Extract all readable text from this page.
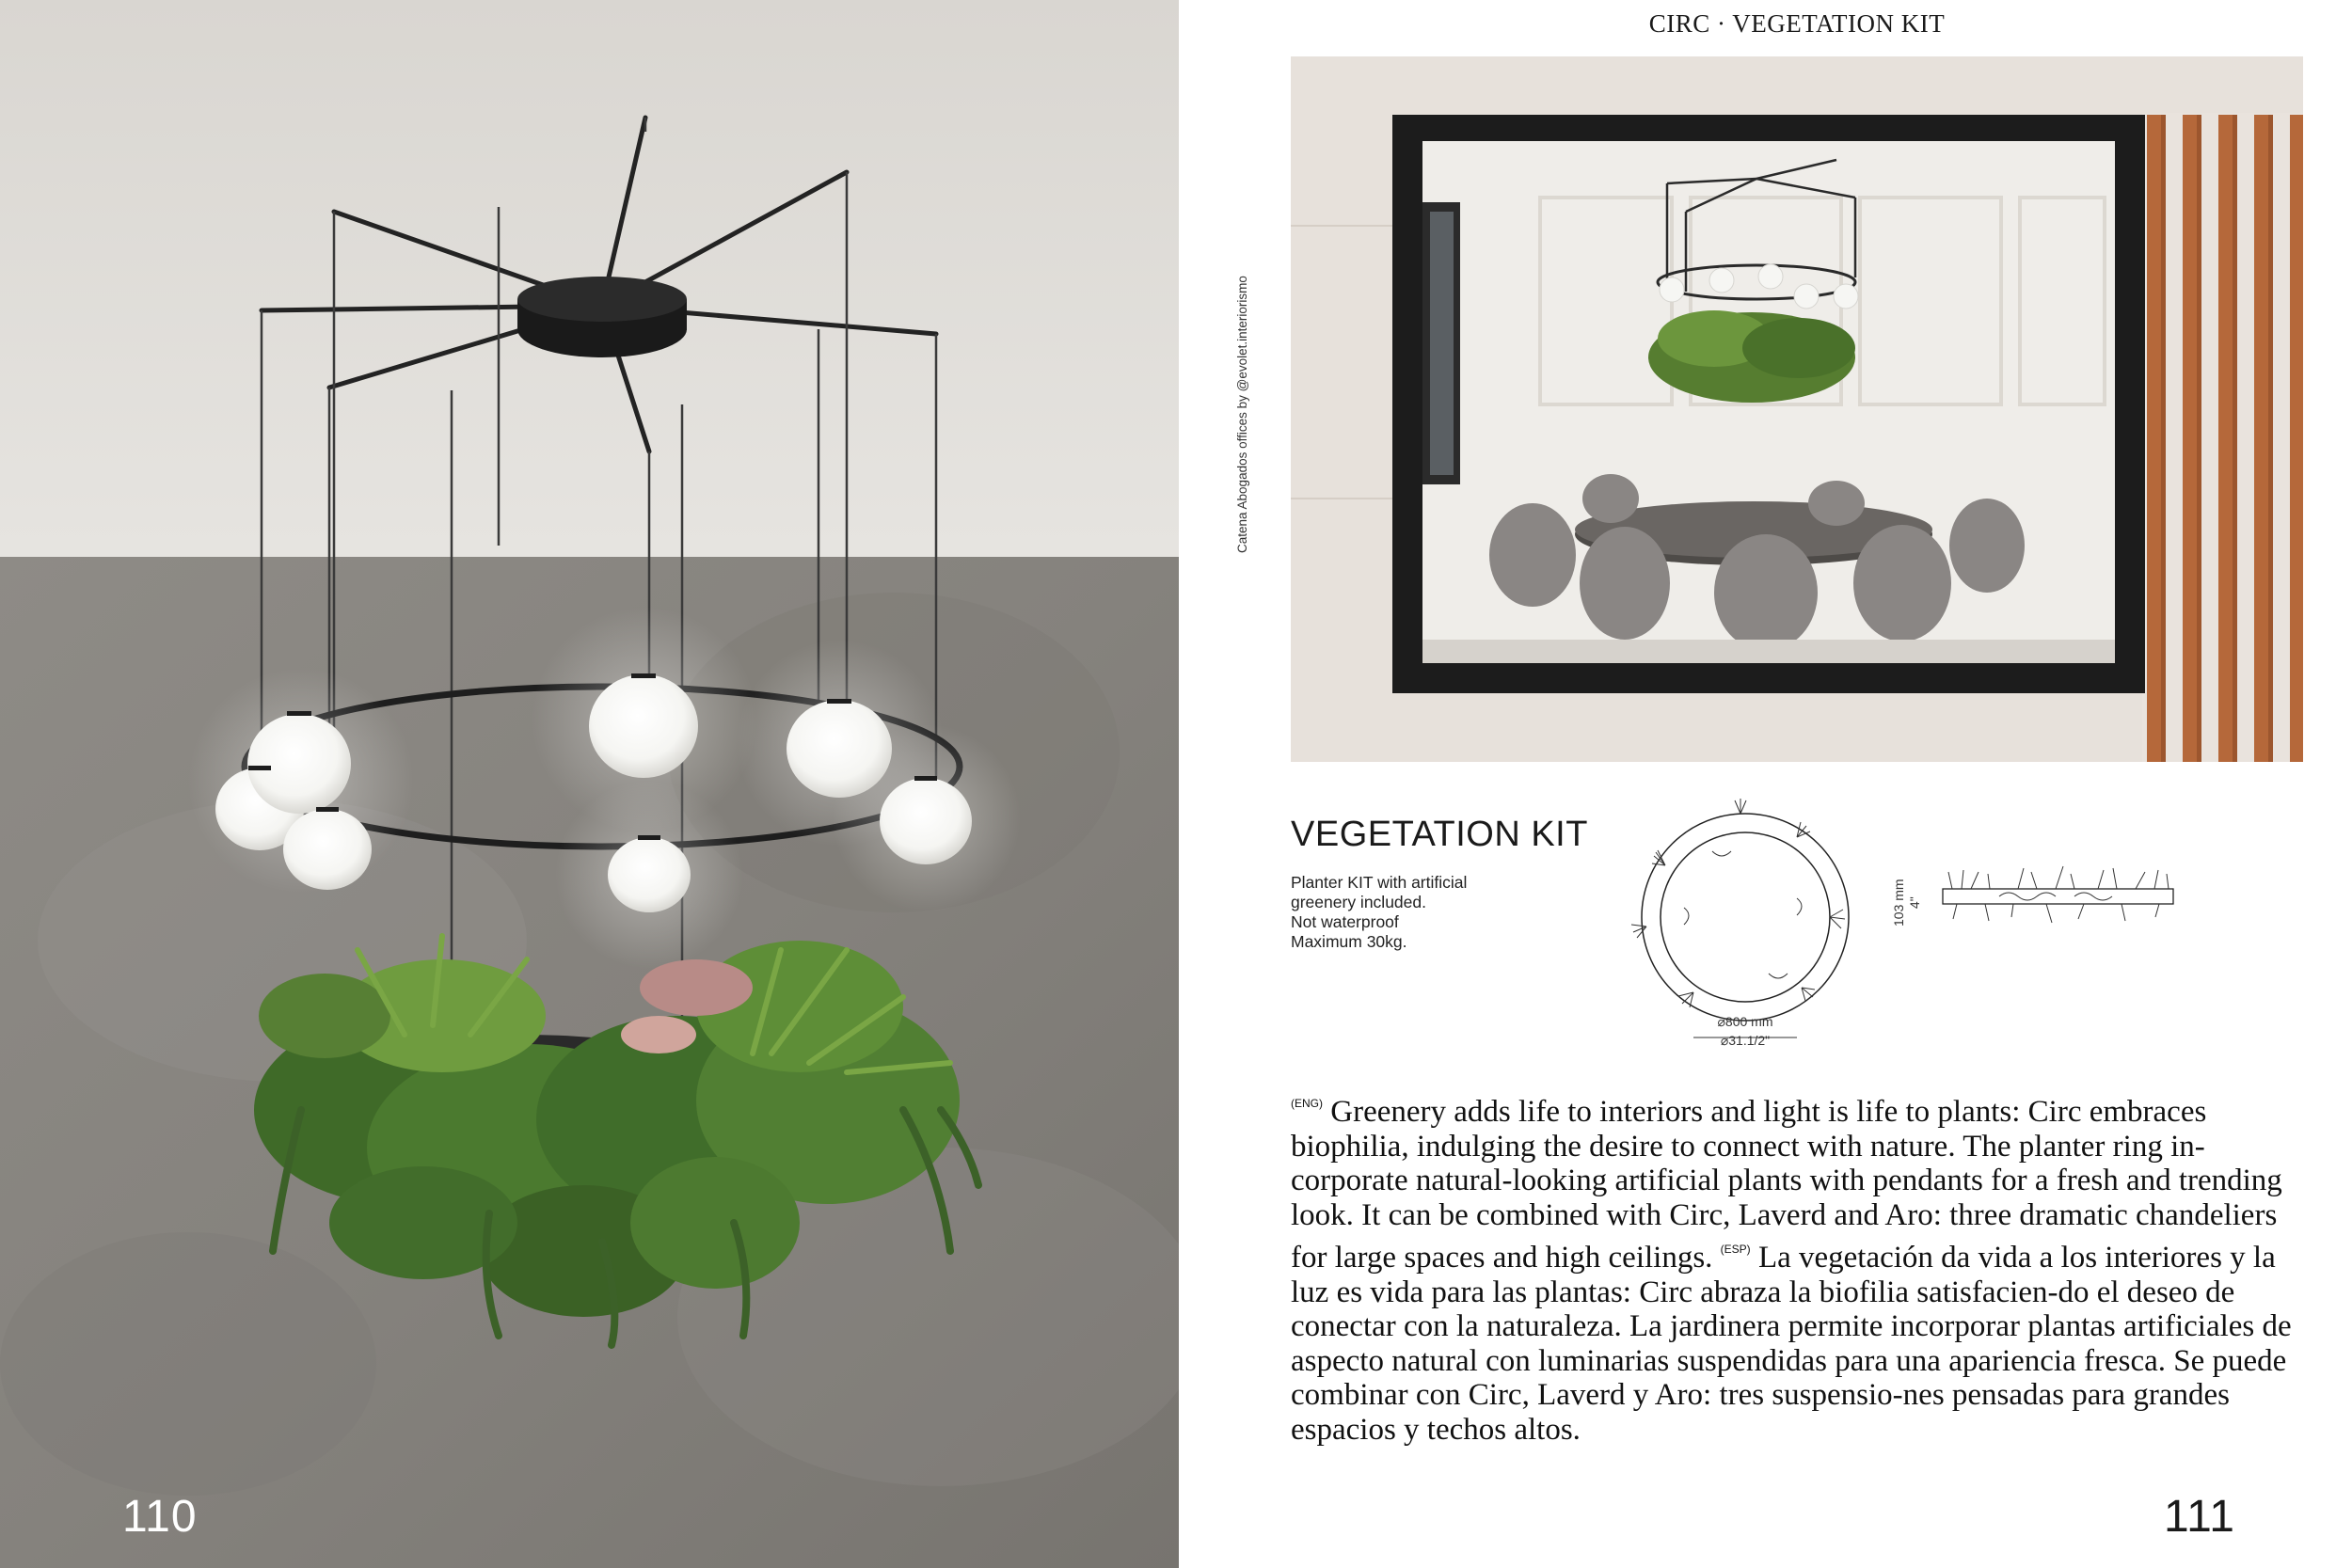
110
CIRC · VEGETATION KIT
Catena Abogados offices by @evolet.interiorismo
VEGETATION KIT
Planter KIT with artificial
greenery included.
Not waterproof
Maximum 30kg.
⌀800 mm
⌀31.1/2"
103 mm 4"
$^{(ENG)}$ Greenery adds life to interiors and light is life to plants: Circ embraces biophilia, indulging the desire to connect with nature. The planter ring in-corporate natural-looking artificial plants with pendants for a fresh and trending look. It can be combined with Circ, Laverd and Aro: three dramatic chandeliers for large spaces and high ceilings. $^{(ESP)}$ La vegetación da vida a los interiores y la luz es vida para las plantas: Circ abraza la biofilia satisfacien-do el deseo de conectar con la naturaleza. La jardinera permite incorporar plantas artificiales de aspecto natural con luminarias suspendidas para una apariencia fresca. Se puede combinar con Circ, Laverd y Aro: tres suspensio-nes pensadas para grandes espacios y techos altos.
111
